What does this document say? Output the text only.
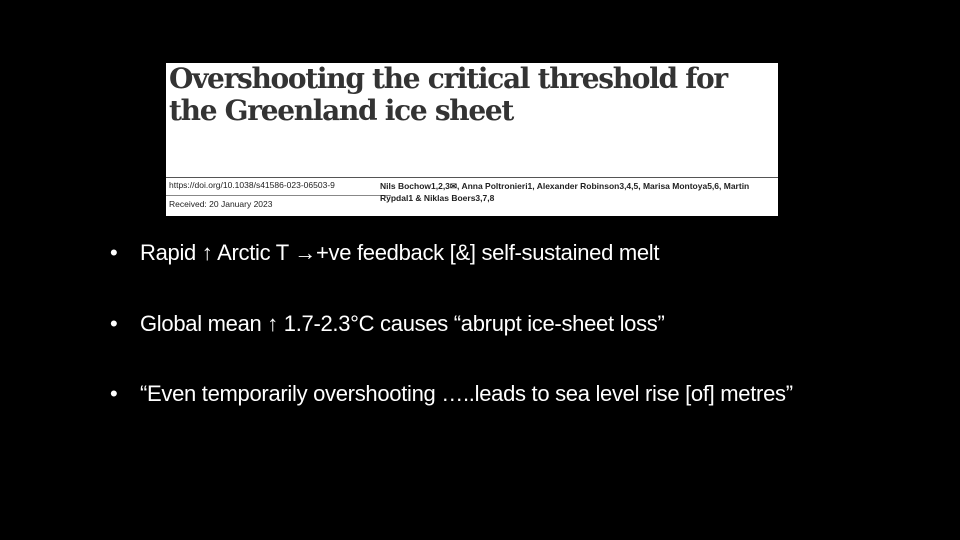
Overshooting the critical threshold for the Greenland ice sheet
https://doi.org/10.1038/s41586-023-06503-9
Received: 20 January 2023
Nils Bochow1,2,3✉, Anna Poltronieri1, Alexander Robinson3,4,5, Marisa Montoya5,6, Martin Rypdal1 & Niklas Boers3,7,8
•	Rapid ↑ Arctic T →+ve feedback [&] self-sustained melt
•	Global mean ↑ 1.7-2.3°C causes “abrupt ice-sheet loss”
•	“Even temporarily overshooting …..leads to sea level rise [of] metres”
